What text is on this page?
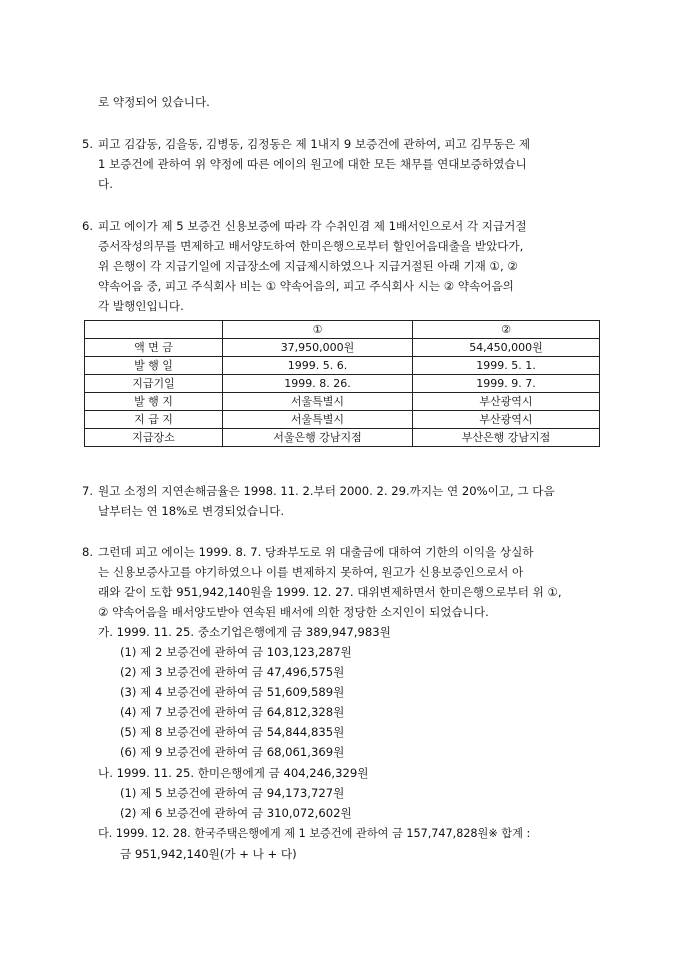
로 약정되어 있습니다.
5. 피고 김갑동, 김을동, 김병동, 김정동은 제 1내지 9 보증건에 관하여, 피고 김무동은 제
1 보증건에 관하여 위 약정에 따른 에이의 원고에 대한 모든 채무를 연대보증하였습니
다.
6. 피고 에이가 제 5 보증건 신용보증에 따라 각 수취인겸 제 1배서인으로서 각 지급거절
증서작성의무를 면제하고 배서양도하여 한미은행으로부터 할인어음대출을 받았다가,
위 은행이 각 지급기일에 지급장소에 지급제시하였으나 지급거절된 아래 기재 ①, ②
약속어음 중, 피고 주식회사 비는 ① 약속어음의, 피고 주식회사 시는 ② 약속어음의
각 발행인입니다.
	①	②
액 면 금	37,950,000원	54,450,000원
발 행 일	1999. 5. 6.	1999. 5. 1.
지급기일	1999. 8. 26.	1999. 9. 7.
발 행 지	서울특별시	부산광역시
지 급 지	서울특별시	부산광역시
지급장소	서울은행 강남지점	부산은행 강남지점
7. 원고 소정의 지연손해금율은 1998. 11. 2.부터 2000. 2. 29.까지는 연 20%이고, 그 다음
날부터는 연 18%로 변경되었습니다.
8. 그런데 피고 에이는 1999. 8. 7. 당좌부도로 위 대출금에 대하여 기한의 이익을 상실하
는 신용보증사고를 야기하였으나 이를 변제하지 못하여, 원고가 신용보증인으로서 아
래와 같이 도합 951,942,140원을 1999. 12. 27. 대위변제하면서 한미은행으로부터 위 ①,
② 약속어음을 배서양도받아 연속된 배서에 의한 정당한 소지인이 되었습니다.
가. 1999. 11. 25. 중소기업은행에게 금 389,947,983원
(1) 제 2 보증건에 관하여 금 103,123,287원
(2) 제 3 보증건에 관하여 금 47,496,575원
(3) 제 4 보증건에 관하여 금 51,609,589원
(4) 제 7 보증건에 관하여 금 64,812,328원
(5) 제 8 보증건에 관하여 금 54,844,835원
(6) 제 9 보증건에 관하여 금 68,061,369원
나. 1999. 11. 25. 한미은행에게 금 404,246,329원
(1) 제 5 보증건에 관하여 금 94,173,727원
(2) 제 6 보증건에 관하여 금 310,072,602원
다. 1999. 12. 28. 한국주택은행에게 제 1 보증건에 관하여 금 157,747,828원※ 합계 :
금 951,942,140원(가 + 나 + 다)
